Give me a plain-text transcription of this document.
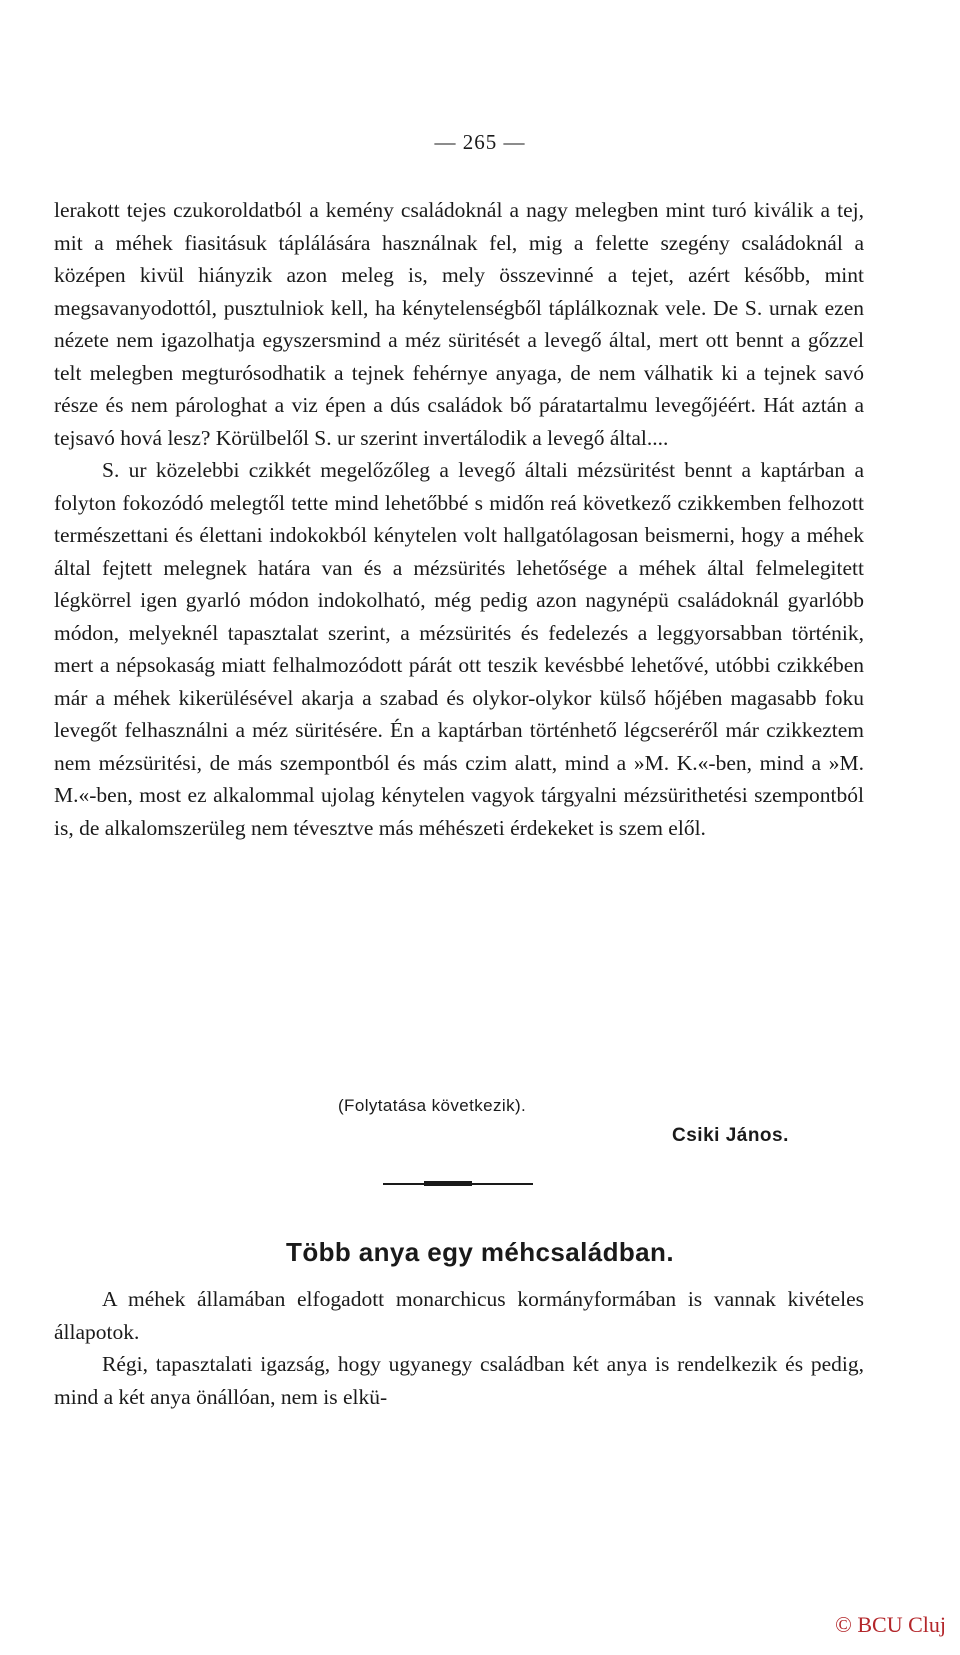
— 265 —

lerakott tejes czukoroldatból a kemény családoknál a nagy melegben mint turó kiválik a tej, mit a méhek fiasitásuk táplálására használnak fel, mig a felette szegény családoknál a középen kivül hiányzik azon meleg is, mely összevinné a tejet, azért később, mint megsavanyodottól, pusztulniok kell, ha kénytelenségből táplálkoznak vele. De S. urnak ezen nézete nem igazolhatja egyszersmind a méz süritését a levegő által, mert ott bennt a gőzzel telt melegben megturósodhatik a tejnek fehérnye anyaga, de nem válhatik ki a tejnek savó része és nem párologhat a viz épen a dús családok bő páratartalmu levegőjéért. Hát aztán a tejsavó hová lesz? Körülbelől S. ur szerint invertálodik a levegő által....

S. ur közelebbi czikkét megelőzőleg a levegő általi mézsüritést bennt a kaptárban a folyton fokozódó melegtől tette mind lehetőbbé s midőn reá következő czikkemben felhozott természettani és élettani indokokból kénytelen volt hallgatólagosan beismerni, hogy a méhek által fejtett melegnek határa van és a mézsürités lehetősége a méhek által felmelegitett légkörrel igen gyarló módon indokolható, még pedig azon nagynépü családoknál gyarlóbb módon, melyeknél tapasztalat szerint, a mézsürités és fedelezés a leggyorsabban történik, mert a népsokaság miatt felhalmozódott párát ott teszik kevésbbé lehetővé, utóbbi czikkében már a méhek kikerülésével akarja a szabad és olykor-olykor külső hőjében magasabb foku levegőt felhasználni a méz süritésére. Én a kaptárban történhető légcseréről már czikkeztem nem mézsüritési, de más szempontból és más czim alatt, mind a »M. K.«-ben, mind a »M. M.«-ben, most ez alkalommal ujolag kénytelen vagyok tárgyalni mézsürithetési szempontból is, de alkalomszerüleg nem tévesztve más méhészeti érdekeket is szem elől.

(Folytatása következik).
Csiki János.
Több anya egy méhcsaládban.

A méhek államában elfogadott monarchicus kormányformában is vannak kivételes állapotok.

Régi, tapasztalati igazság, hogy ugyanegy családban két anya is rendelkezik és pedig, mind a két anya önállóan, nem is elkü-

© BCU Cluj
